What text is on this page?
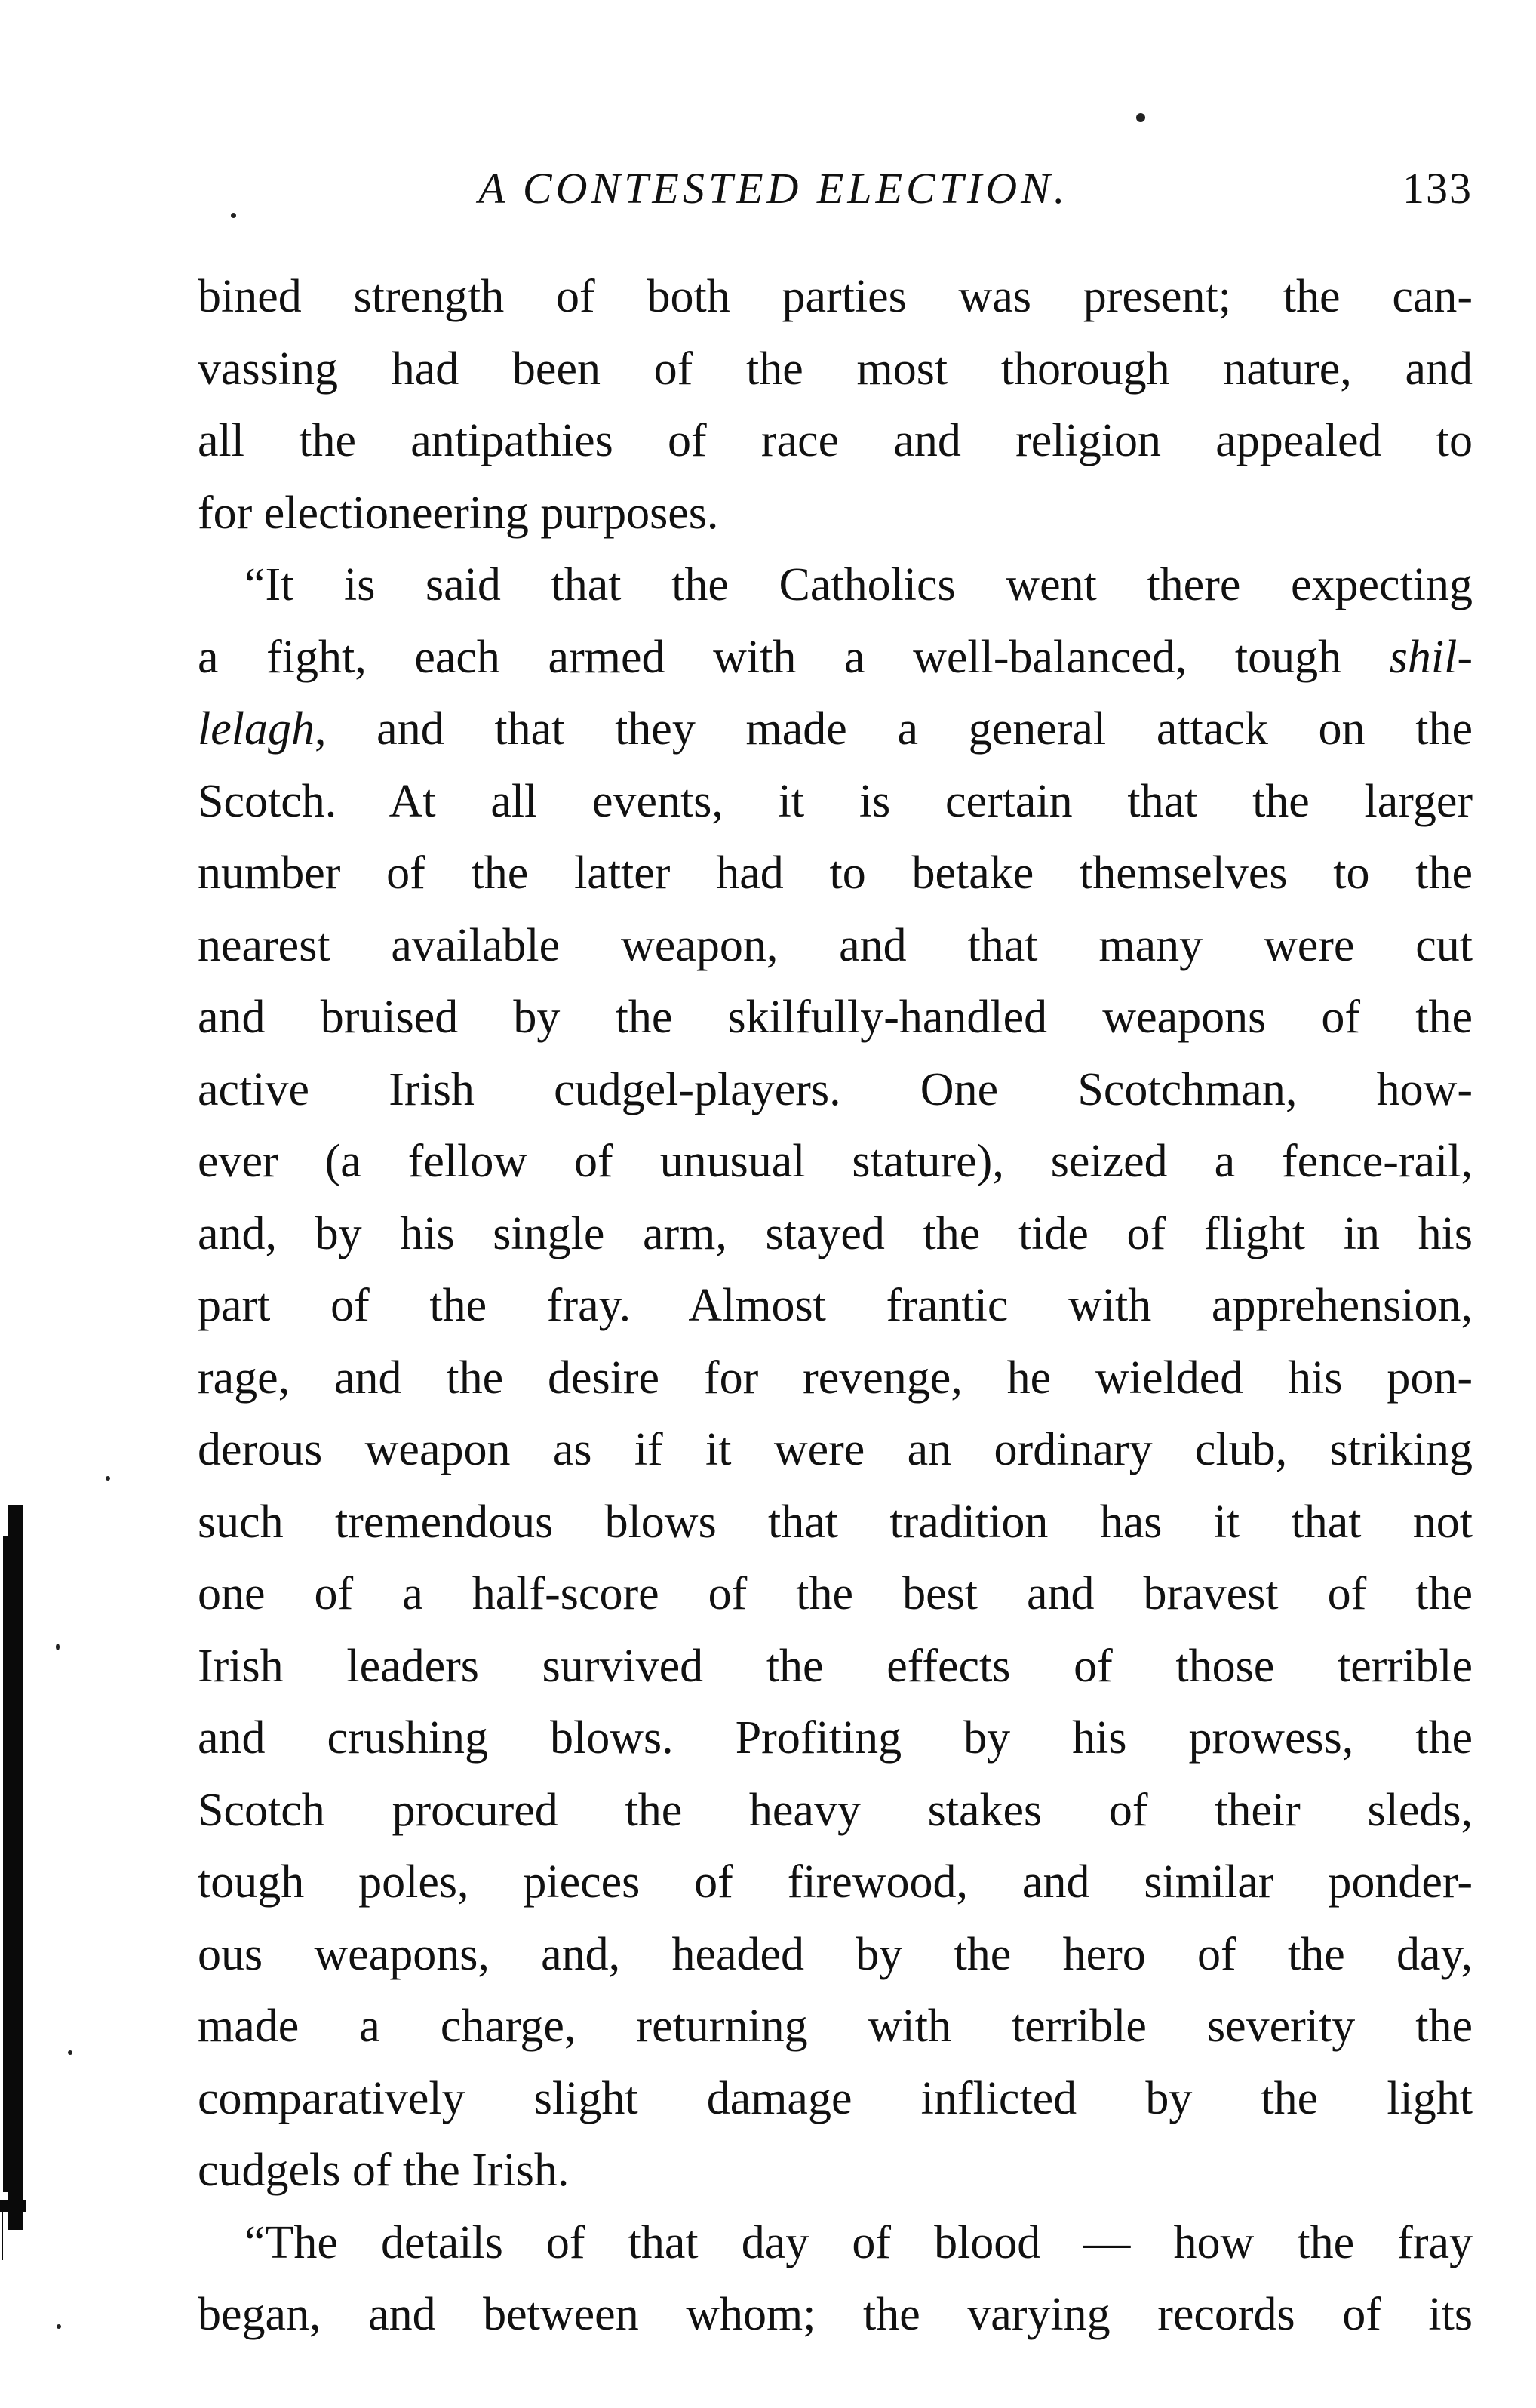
A CONTESTED ELECTION.	133
bined strength of both parties was present; the can-
vassing had been of the most thorough nature, and
all the antipathies of race and religion appealed to
for electioneering purposes.
“It is said that the Catholics went there expecting
a fight, each armed with a well-balanced, tough shil-
lelagh, and that they made a general attack on the
Scotch. At all events, it is certain that the larger
number of the latter had to betake themselves to the
nearest available weapon, and that many were cut
and bruised by the skilfully-handled weapons of the
active Irish cudgel-players. One Scotchman, how-
ever (a fellow of unusual stature), seized a fence-rail,
and, by his single arm, stayed the tide of flight in his
part of the fray. Almost frantic with apprehension,
rage, and the desire for revenge, he wielded his pon-
derous weapon as if it were an ordinary club, striking
such tremendous blows that tradition has it that not
one of a half-score of the best and bravest of the
Irish leaders survived the effects of those terrible
and crushing blows. Profiting by his prowess, the
Scotch procured the heavy stakes of their sleds,
tough poles, pieces of firewood, and similar ponder-
ous weapons, and, headed by the hero of the day,
made a charge, returning with terrible severity the
comparatively slight damage inflicted by the light
cudgels of the Irish.
“The details of that day of blood — how the fray
began, and between whom; the varying records of its
